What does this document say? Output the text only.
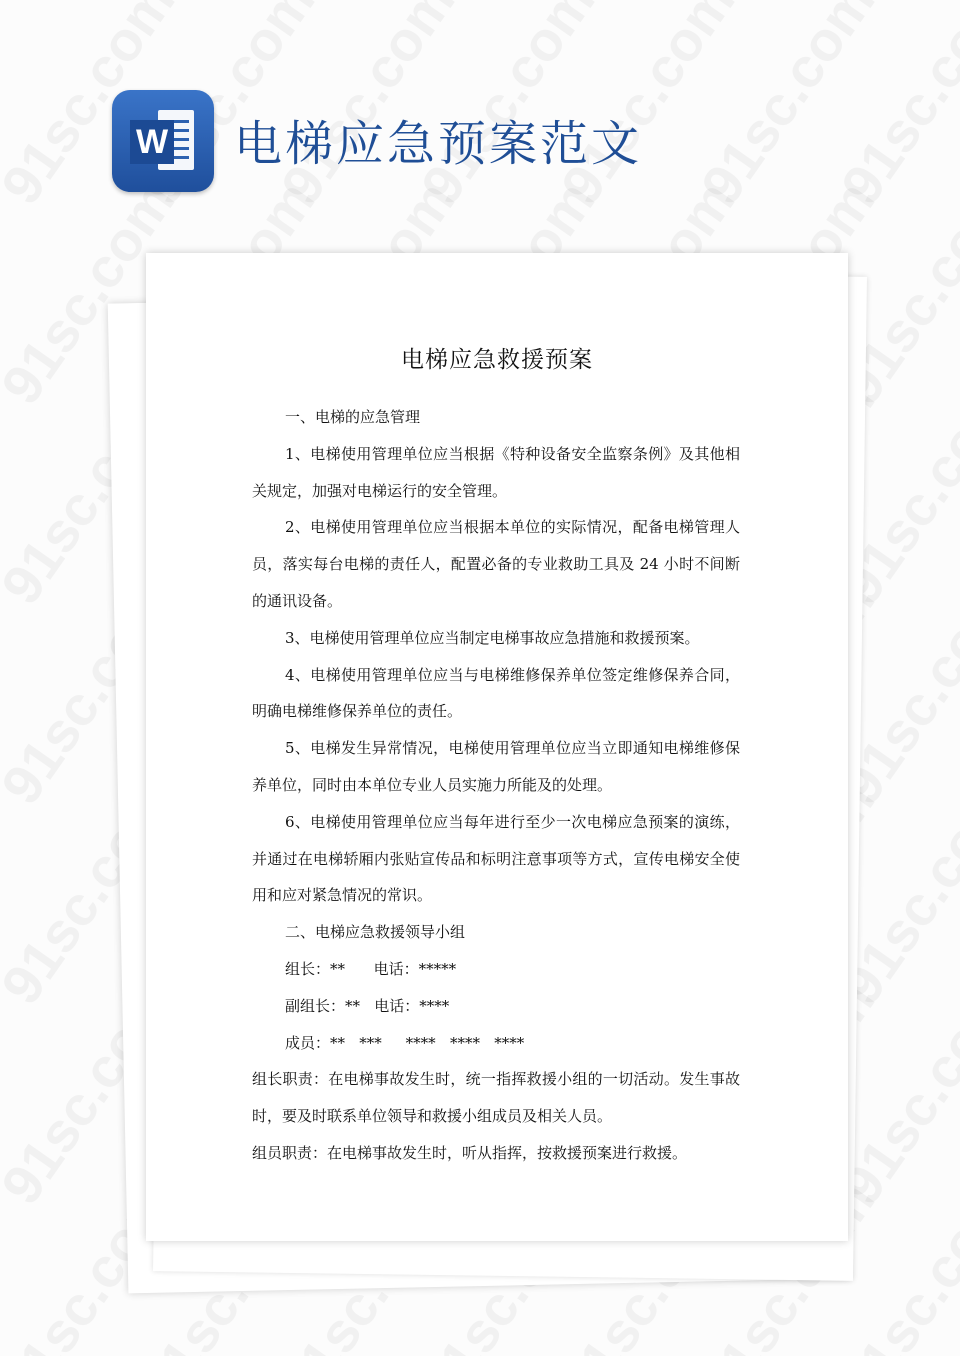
W 电梯应急预案范文
电梯应急救援预案

一、电梯的应急管理

1、电梯使用管理单位应当根据《特种设备安全监察条例》及其他相关规定，加强对电梯运行的安全管理。

2、电梯使用管理单位应当根据本单位的实际情况，配备电梯管理人员，落实每台电梯的责任人，配置必备的专业救助工具及 24 小时不间断的通讯设备。

3、电梯使用管理单位应当制定电梯事故应急措施和救援预案。

4、电梯使用管理单位应当与电梯维修保养单位签定维修保养合同，明确电梯维修保养单位的责任。

5、电梯发生异常情况，电梯使用管理单位应当立即通知电梯维修保养单位，同时由本单位专业人员实施力所能及的处理。

6、电梯使用管理单位应当每年进行至少一次电梯应急预案的演练，并通过在电梯轿厢内张贴宣传品和标明注意事项等方式，宣传电梯安全使用和应对紧急情况的常识。

二、电梯应急救援领导小组

组长：**      电话：*****

副组长：**   电话：****

成员：**   ***     ****   ****   ****

组长职责：在电梯事故发生时，统一指挥救援小组的一切活动。发生事故时，要及时联系单位领导和救援小组成员及相关人员。

组员职责：在电梯事故发生时，听从指挥，按救援预案进行救援。
